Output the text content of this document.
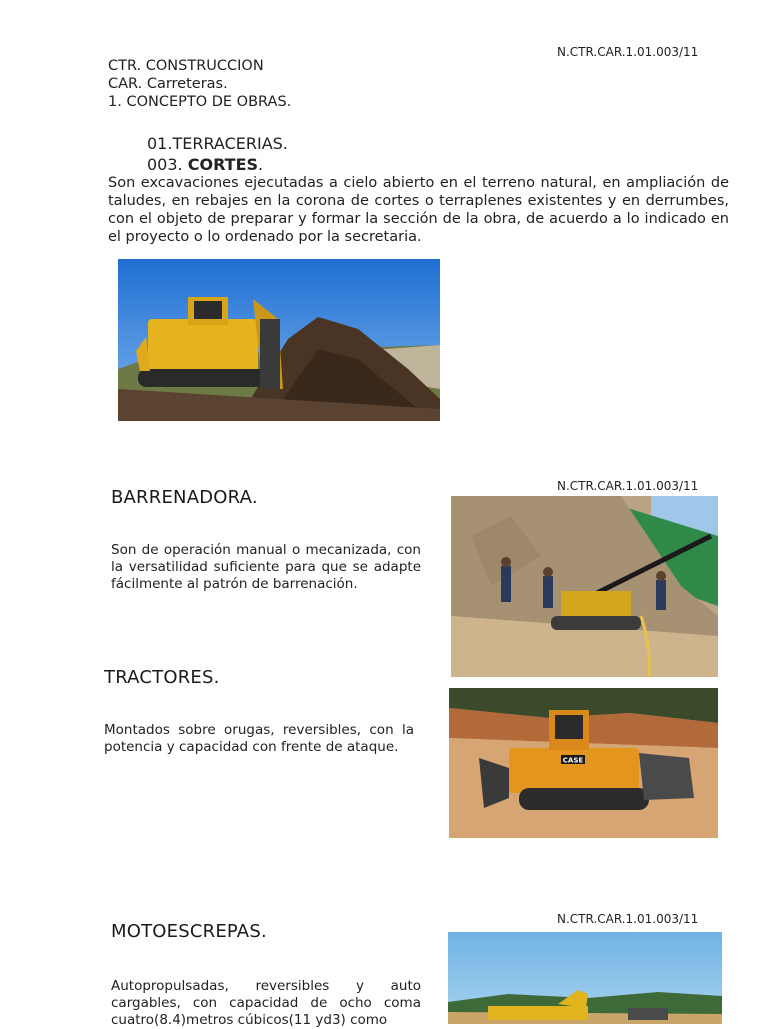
N.CTR.CAR.1.01.003/11
CTR. CONSTRUCCION
CAR. Carreteras.
1. CONCEPTO DE OBRAS.
01.TERRACERIAS.
003. CORTES.
Son excavaciones ejecutadas a cielo abierto en el terreno natural, en ampliación de taludes, en rebajes en la corona de cortes o terraplenes existentes y en derrumbes, con el objeto de preparar y formar la sección de la obra, de acuerdo a lo indicado en el proyecto o lo ordenado por la secretaria.
N.CTR.CAR.1.01.003/11
BARRENADORA.
Son de operación manual o mecanizada, con la versatilidad suficiente para que se adapte fácilmente al patrón de barrenación.
TRACTORES.
Montados sobre orugas, reversibles, con la potencia y capacidad con frente de ataque.
CASE
N.CTR.CAR.1.01.003/11
MOTOESCREPAS.
Autopropulsadas, reversibles y auto cargables, con capacidad de ocho coma cuatro(8.4)metros cúbicos(11 yd3) como
